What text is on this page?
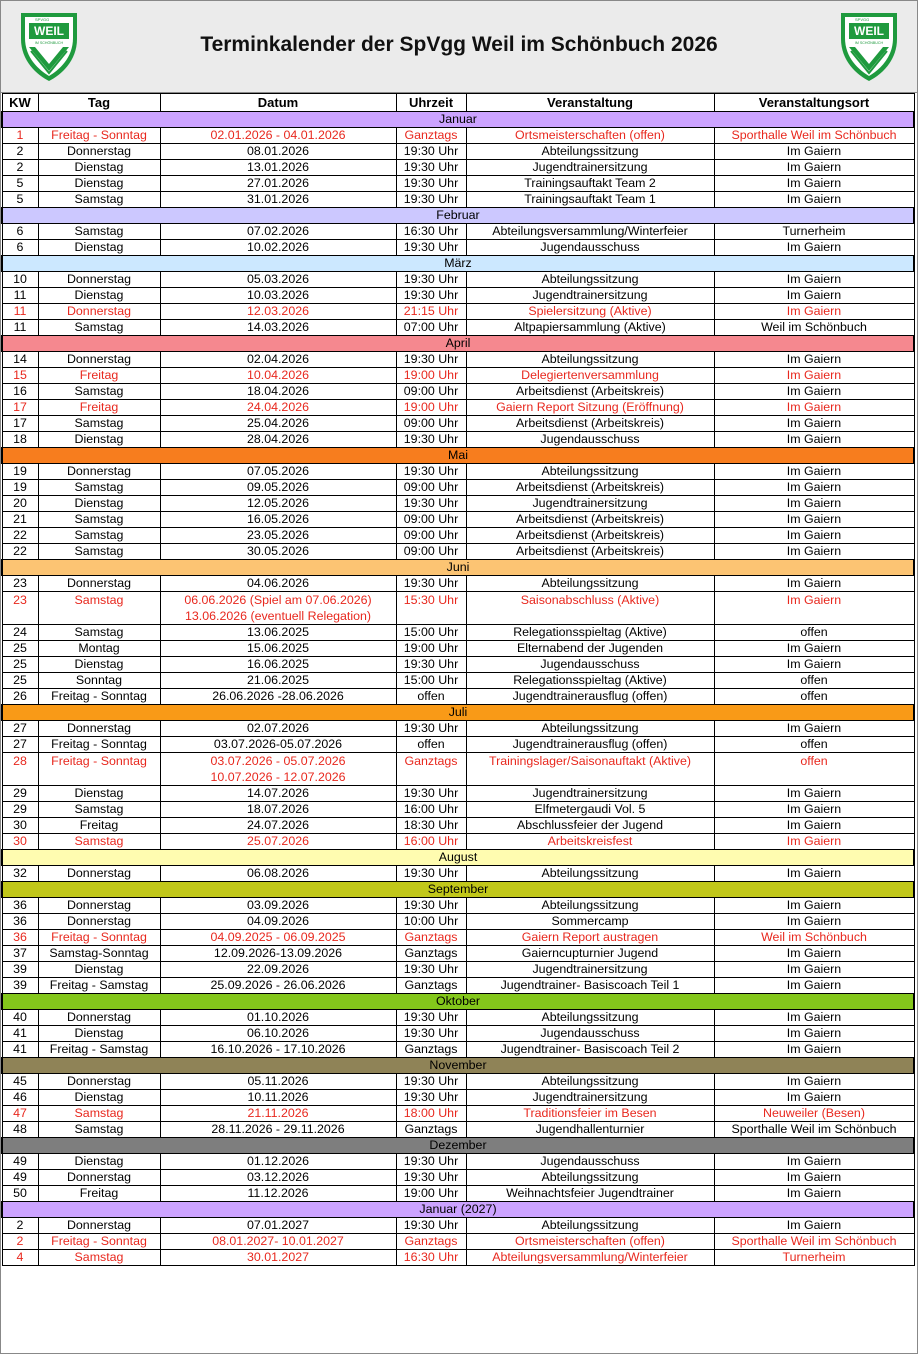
WEIL
SPVGG
IM SCHÖNBUCH	Terminkalender der SpVgg Weil im Schönbuch 2026
WEIL
SPVGG
IM SCHÖNBUCH
KW	Tag	Datum	Uhrzeit	Veranstaltung	Veranstaltungsort
Januar					
1	Freitag - Sonntag	02.01.2026 - 04.01.2026	Ganztags	Ortsmeisterschaften (offen)	Sporthalle Weil im Schönbuch
2	Donnerstag	08.01.2026	19:30 Uhr	Abteilungssitzung	Im Gaiern
2	Dienstag	13.01.2026	19:30 Uhr	Jugendtrainersitzung	Im Gaiern
5	Dienstag	27.01.2026	19:30 Uhr	Trainingsauftakt Team 2	Im Gaiern
5	Samstag	31.01.2026	19:30 Uhr	Trainingsauftakt Team 1	Im Gaiern
Februar					
6	Samstag	07.02.2026	16:30 Uhr	Abteilungsversammlung/Winterfeier	Turnerheim
6	Dienstag	10.02.2026	19:30 Uhr	Jugendausschuss	Im Gaiern
März					
10	Donnerstag	05.03.2026	19:30 Uhr	Abteilungssitzung	Im Gaiern
11	Dienstag	10.03.2026	19:30 Uhr	Jugendtrainersitzung	Im Gaiern
11	Donnerstag	12.03.2026	21:15 Uhr	Spielersitzung (Aktive)	Im Gaiern
11	Samstag	14.03.2026	07:00 Uhr	Altpapiersammlung (Aktive)	Weil im Schönbuch
April					
14	Donnerstag	02.04.2026	19:30 Uhr	Abteilungssitzung	Im Gaiern
15	Freitag	10.04.2026	19:00 Uhr	Delegiertenversammlung	Im Gaiern
16	Samstag	18.04.2026	09:00 Uhr	Arbeitsdienst (Arbeitskreis)	Im Gaiern
17	Freitag	24.04.2026	19:00 Uhr	Gaiern Report Sitzung (Eröffnung)	Im Gaiern
17	Samstag	25.04.2026	09:00 Uhr	Arbeitsdienst (Arbeitskreis)	Im Gaiern
18	Dienstag	28.04.2026	19:30 Uhr	Jugendausschuss	Im Gaiern
Mai					
19	Donnerstag	07.05.2026	19:30 Uhr	Abteilungssitzung	Im Gaiern
19	Samstag	09.05.2026	09:00 Uhr	Arbeitsdienst (Arbeitskreis)	Im Gaiern
20	Dienstag	12.05.2026	19:30 Uhr	Jugendtrainersitzung	Im Gaiern
21	Samstag	16.05.2026	09:00 Uhr	Arbeitsdienst (Arbeitskreis)	Im Gaiern
22	Samstag	23.05.2026	09:00 Uhr	Arbeitsdienst (Arbeitskreis)	Im Gaiern
22	Samstag	30.05.2026	09:00 Uhr	Arbeitsdienst (Arbeitskreis)	Im Gaiern
Juni					
23	Donnerstag	04.06.2026	19:30 Uhr	Abteilungssitzung	Im Gaiern
23	Samstag	06.06.2026 (Spiel am 07.06.2026)
13.06.2026 (eventuell Relegation)	15:30 Uhr	Saisonabschluss (Aktive)	Im Gaiern
24	Samstag	13.06.2025	15:00 Uhr	Relegationsspieltag (Aktive)	offen
25	Montag	15.06.2025	19:00 Uhr	Elternabend der Jugenden	Im Gaiern
25	Dienstag	16.06.2025	19:30 Uhr	Jugendausschuss	Im Gaiern
25	Sonntag	21.06.2025	15:00 Uhr	Relegationsspieltag (Aktive)	offen
26	Freitag - Sonntag	26.06.2026 -28.06.2026	offen	Jugendtrainerausflug (offen)	offen
Juli					
27	Donnerstag	02.07.2026	19:30 Uhr	Abteilungssitzung	Im Gaiern
27	Freitag - Sonntag	03.07.2026-05.07.2026	offen	Jugendtrainerausflug (offen)	offen
28	Freitag - Sonntag	03.07.2026 - 05.07.2026
10.07.2026 - 12.07.2026	Ganztags	Trainingslager/Saisonauftakt (Aktive)	offen
29	Dienstag	14.07.2026	19:30 Uhr	Jugendtrainersitzung	Im Gaiern
29	Samstag	18.07.2026	16:00 Uhr	Elfmetergaudi Vol. 5	Im Gaiern
30	Freitag	24.07.2026	18:30 Uhr	Abschlussfeier der Jugend	Im Gaiern
30	Samstag	25.07.2026	16:00 Uhr	Arbeitskreisfest	Im Gaiern
August					
32	Donnerstag	06.08.2026	19:30 Uhr	Abteilungssitzung	Im Gaiern
September					
36	Donnerstag	03.09.2026	19:30 Uhr	Abteilungssitzung	Im Gaiern
36	Donnerstag	04.09.2026	10:00 Uhr	Sommercamp	Im Gaiern
36	Freitag - Sonntag	04.09.2025 - 06.09.2025	Ganztags	Gaiern Report austragen	Weil im Schönbuch
37	Samstag-Sonntag	12.09.2026-13.09.2026	Ganztags	Gaierncupturnier Jugend	Im Gaiern
39	Dienstag	22.09.2026	19:30 Uhr	Jugendtrainersitzung	Im Gaiern
39	Freitag - Samstag	25.09.2026 - 26.06.2026	Ganztags	Jugendtrainer- Basiscoach Teil 1	Im Gaiern
Oktober					
40	Donnerstag	01.10.2026	19:30 Uhr	Abteilungssitzung	Im Gaiern
41	Dienstag	06.10.2026	19:30 Uhr	Jugendausschuss	Im Gaiern
41	Freitag - Samstag	16.10.2026 - 17.10.2026	Ganztags	Jugendtrainer- Basiscoach Teil 2	Im Gaiern
November					
45	Donnerstag	05.11.2026	19:30 Uhr	Abteilungssitzung	Im Gaiern
46	Dienstag	10.11.2026	19:30 Uhr	Jugendtrainersitzung	Im Gaiern
47	Samstag	21.11.2026	18:00 Uhr	Traditionsfeier im Besen	Neuweiler (Besen)
48	Samstag	28.11.2026 - 29.11.2026	Ganztags	Jugendhallenturnier	Sporthalle Weil im Schönbuch
Dezember					
49	Dienstag	01.12.2026	19:30 Uhr	Jugendausschuss	Im Gaiern
49	Donnerstag	03.12.2026	19:30 Uhr	Abteilungssitzung	Im Gaiern
50	Freitag	11.12.2026	19:00 Uhr	Weihnachtsfeier Jugendtrainer	Im Gaiern
Januar (2027)					
2	Donnerstag	07.01.2027	19:30 Uhr	Abteilungssitzung	Im Gaiern
2	Freitag - Sonntag	08.01.2027- 10.01.2027	Ganztags	Ortsmeisterschaften (offen)	Sporthalle Weil im Schönbuch
4	Samstag	30.01.2027	16:30 Uhr	Abteilungsversammlung/Winterfeier	Turnerheim
